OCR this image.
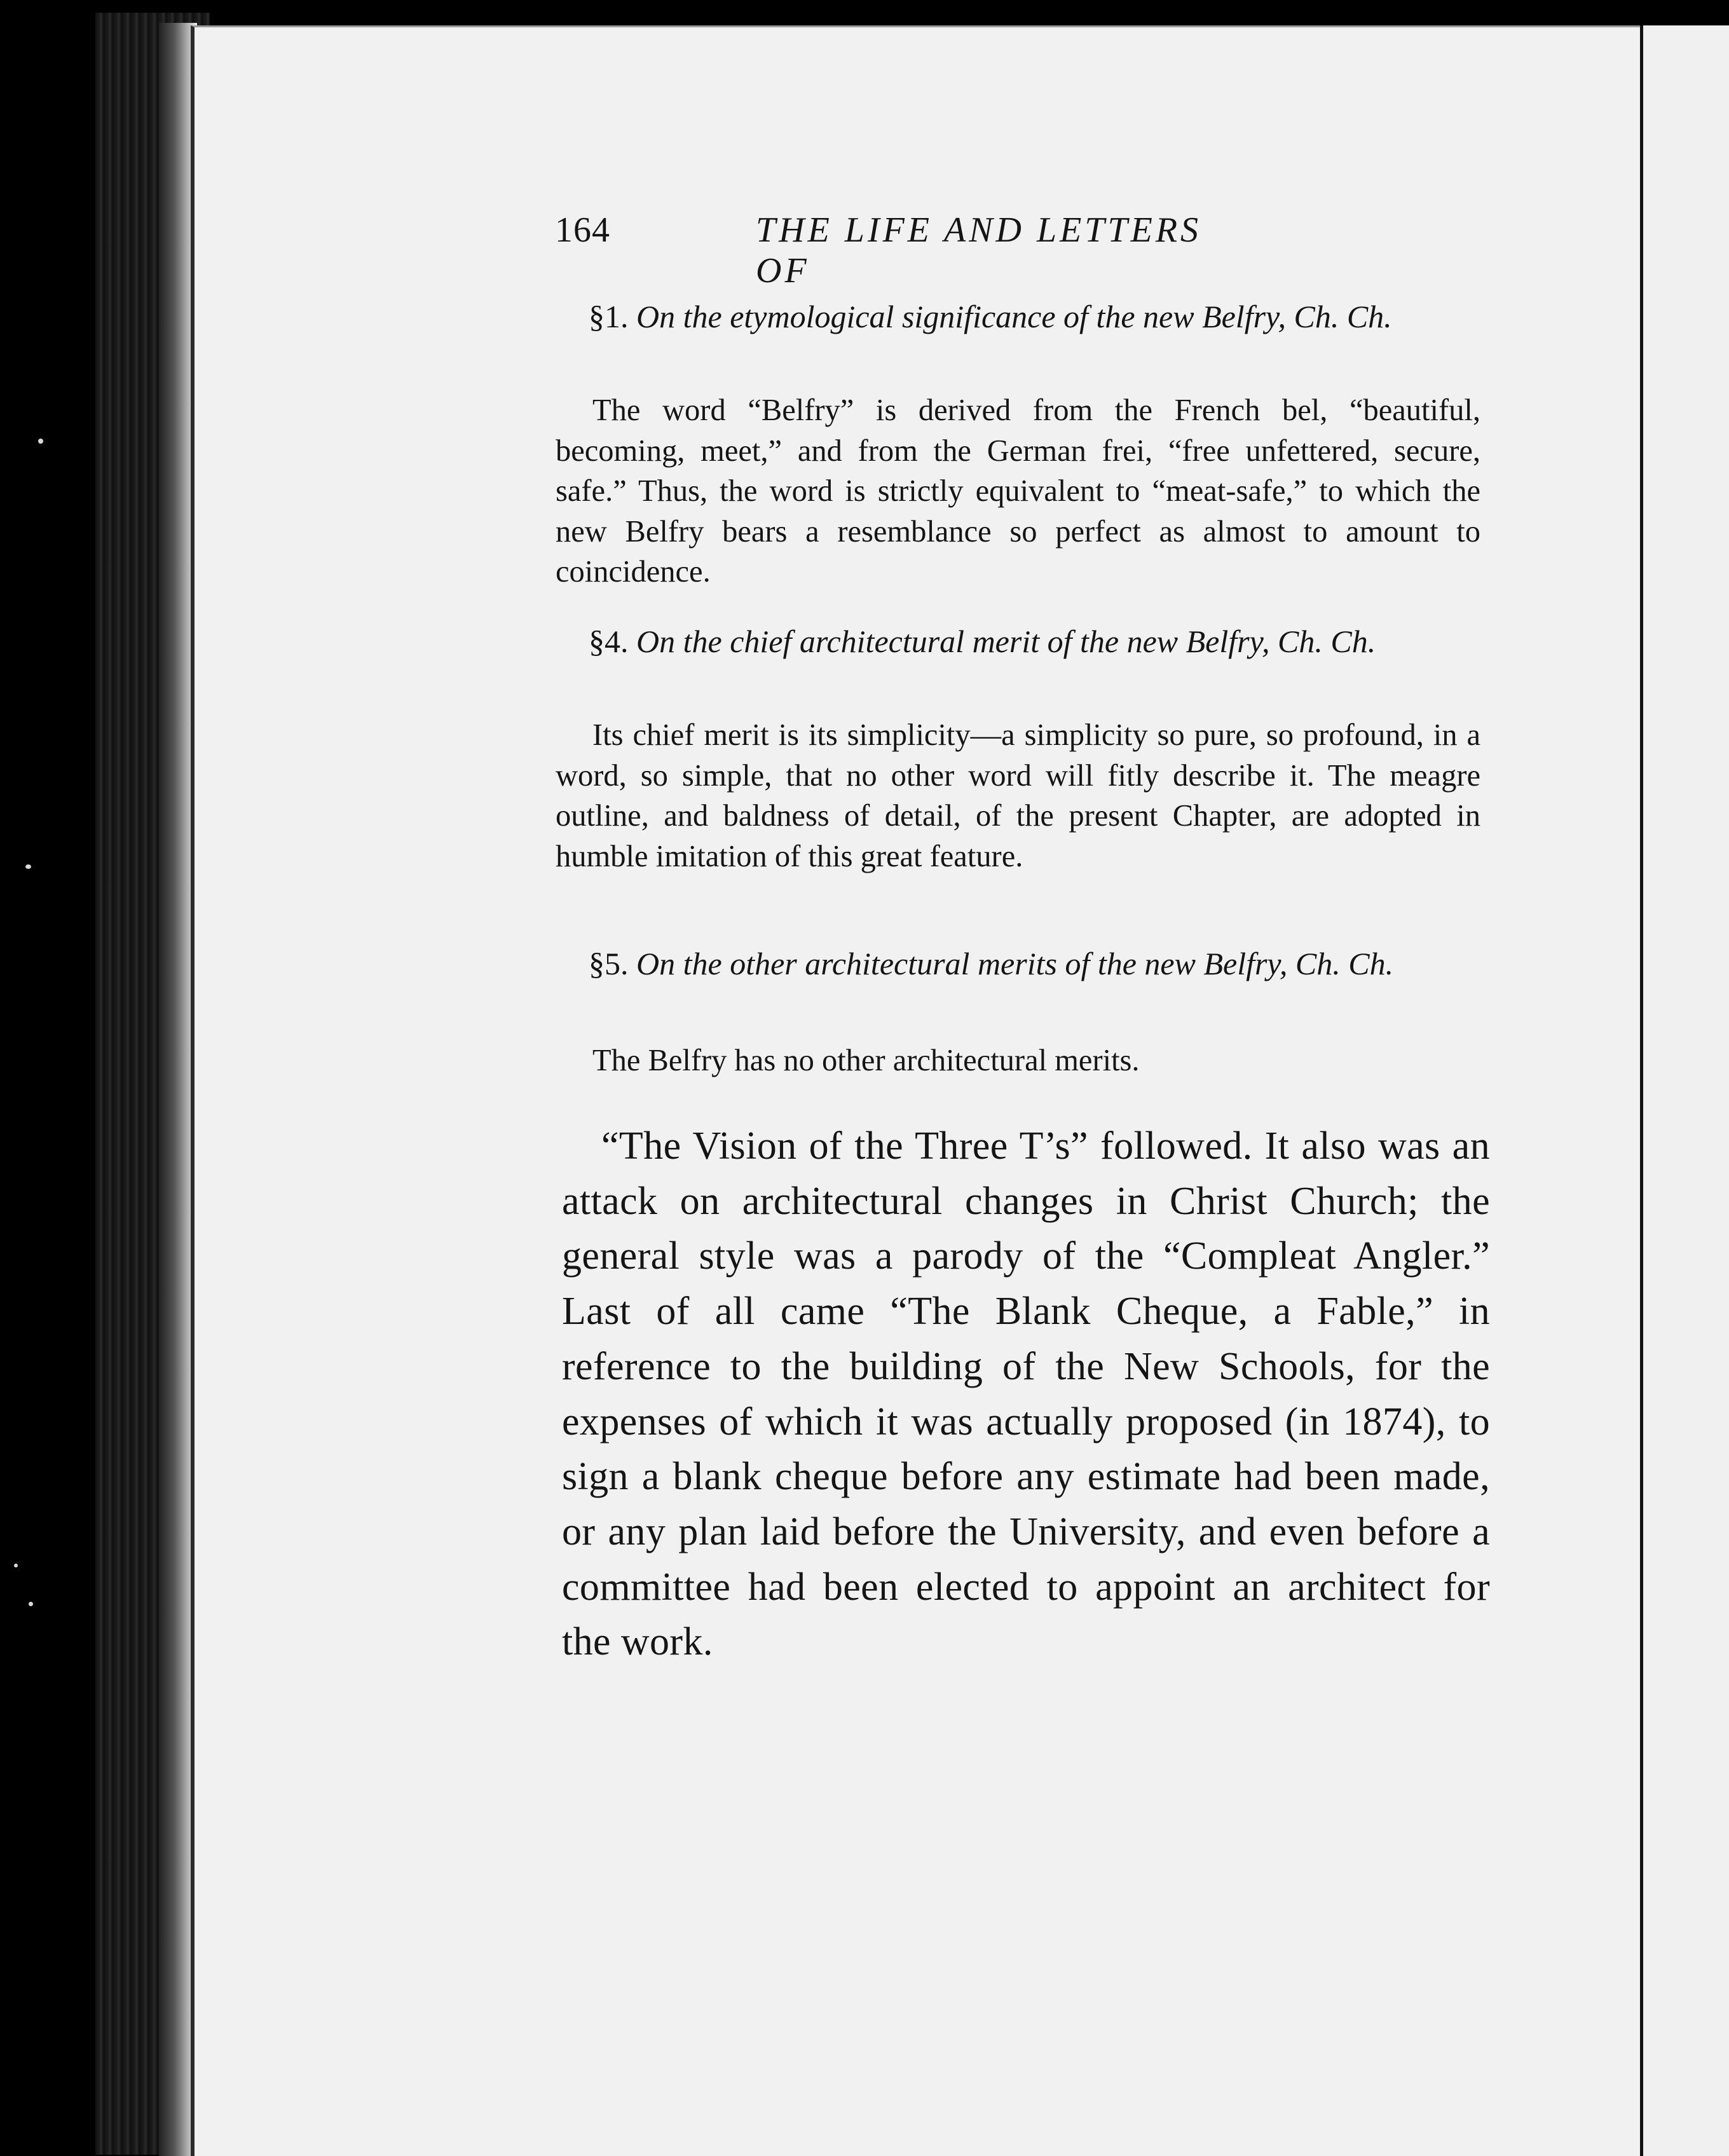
164	THE LIFE AND LETTERS OF
§1. On the etymological significance of the new Belfry, Ch. Ch.
The word “Belfry” is derived from the French bel, “beautiful, becoming, meet,” and from the German frei, “free unfettered, secure, safe.” Thus, the word is strictly equivalent to “meat-safe,” to which the new Belfry bears a resemblance so perfect as almost to amount to coincidence.
§4. On the chief architectural merit of the new Belfry, Ch. Ch.
Its chief merit is its simplicity—a simplicity so pure, so profound, in a word, so simple, that no other word will fitly describe it. The meagre outline, and baldness of detail, of the present Chapter, are adopted in humble imitation of this great feature.
§5. On the other architectural merits of the new Belfry, Ch. Ch.
The Belfry has no other architectural merits.
“The Vision of the Three T’s” followed. It also was an attack on architectural changes in Christ Church; the general style was a parody of the “Compleat Angler.” Last of all came “The Blank Cheque, a Fable,” in reference to the building of the New Schools, for the expenses of which it was actually proposed (in 1874), to sign a blank cheque before any estimate had been made, or any plan laid before the University, and even before a committee had been elected to appoint an architect for the work.
